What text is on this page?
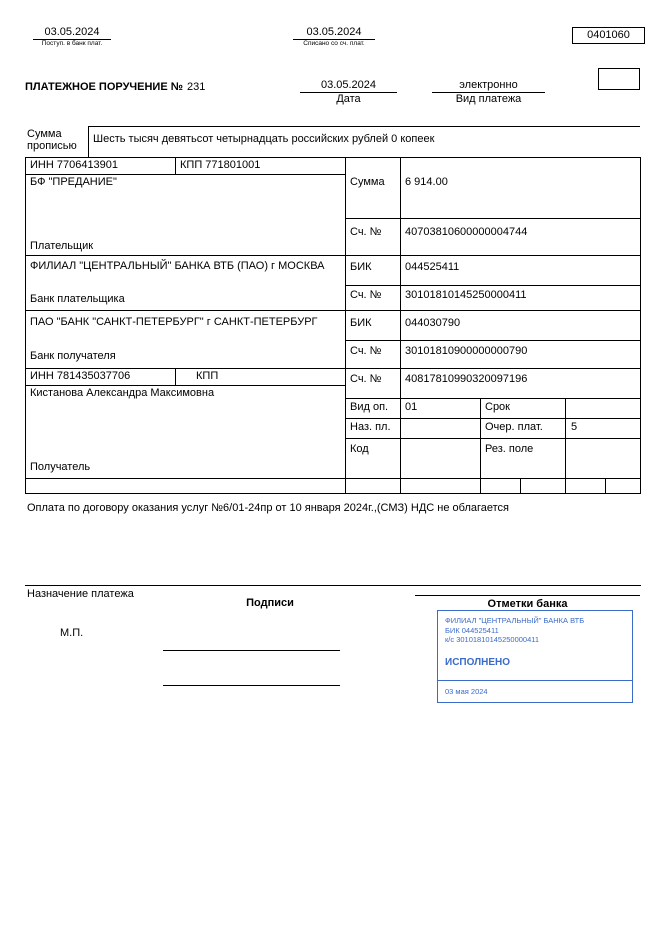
03.05.2024
Поступ. в банк плат.
03.05.2024
Списано со сч. плат.
0401060
ПЛАТЕЖНОЕ ПОРУЧЕНИЕ № 231	03.05.2024
Дата
электронно
Вид платежа
Сумма прописью
Шесть тысяч девятьсот четырнадцать российских рублей 0 копеек
ИНН 7706413901	КПП 771801001
БФ "ПРЕДАНИЕ"
Плательщик
Сумма 6 914.00
Сч. № 40703810600000004744
ФИЛИАЛ "ЦЕНТРАЛЬНЫЙ" БАНКА ВТБ (ПАО) г МОСКВА
Банк плательщика
БИК	044525411
Сч. № 30101810145250000411
ПАО "БАНК "САНКТ-ПЕТЕРБУРГ" г САНКТ-ПЕТЕРБУРГ
Банк получателя
БИК	044030790
Сч. № 30101810900000000790
ИНН 781435037706	КПП
Кистанова Александра Максимовна
Получатель
Сч. № 40817810990320097196
Вид оп. 01	Срок
Наз. пл.	Очер. плат.	5
Код	Рез. поле
Оплата по договору оказания услуг №6/01-24пр от 10 января 2024г.,(СМЗ) НДС не облагается
Назначение платежа
Подписи	Отметки банка
М.П.
ФИЛИАЛ "ЦЕНТРАЛЬНЫЙ" БАНКА ВТБ
БИК 044525411
к/с 30101810145250000411
ИСПОЛНЕНО
03 мая 2024
